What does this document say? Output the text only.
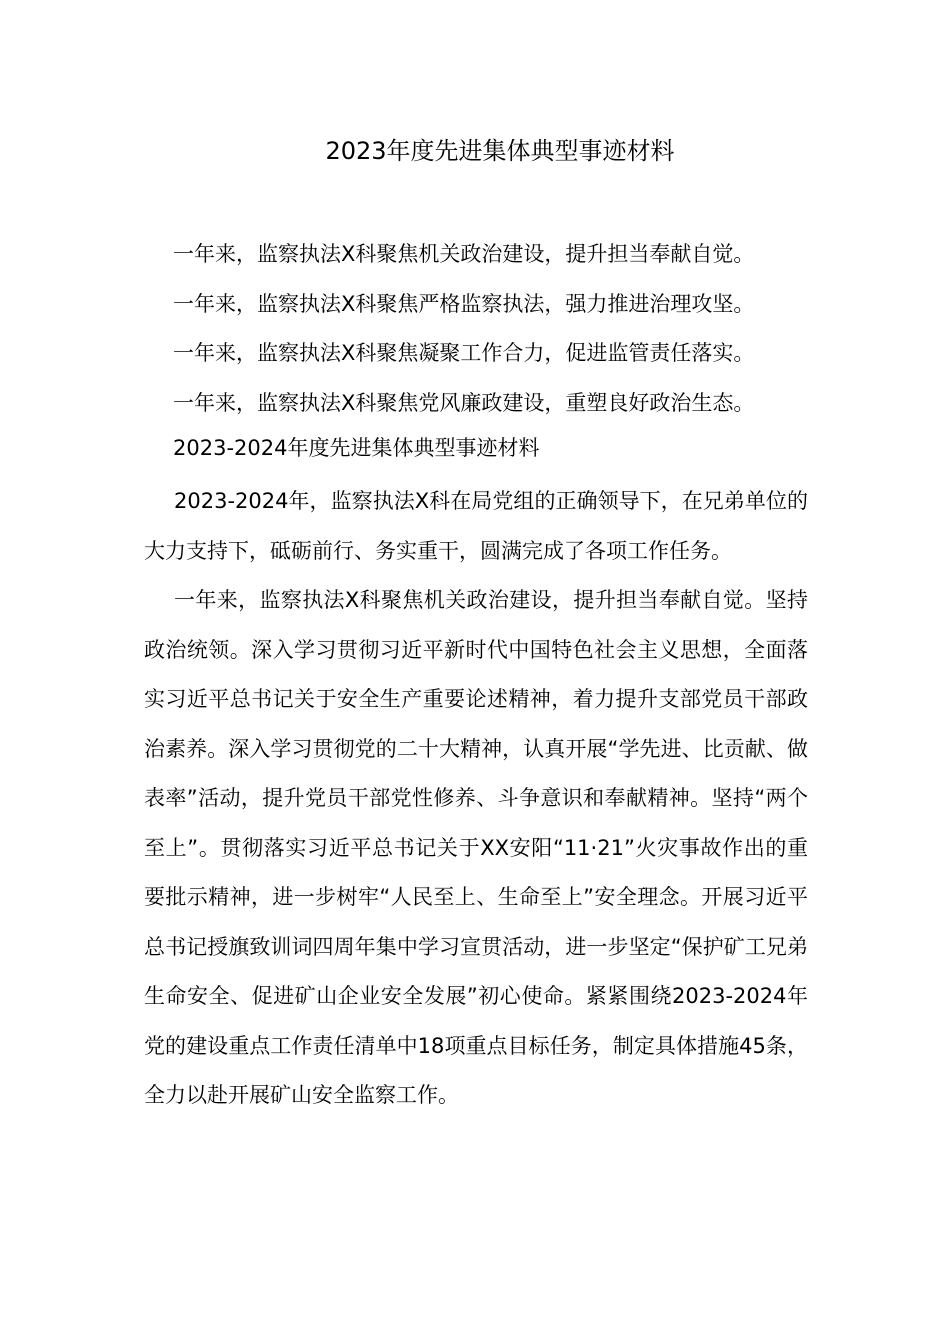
2023年度先进集体典型事迹材料

一年来，监察执法X科聚焦机关政治建设，提升担当奉献自觉。

一年来，监察执法X科聚焦严格监察执法，强力推进治理攻坚。

一年来，监察执法X科聚焦凝聚工作合力，促进监管责任落实。

一年来，监察执法X科聚焦党风廉政建设，重塑良好政治生态。

2023-2024年度先进集体典型事迹材料

2023-2024年，监察执法X科在局党组的正确领导下，在兄弟单位的大力支持下，砥砺前行、务实重干，圆满完成了各项工作任务。

一年来，监察执法X科聚焦机关政治建设，提升担当奉献自觉。坚持政治统领。深入学习贯彻习近平新时代中国特色社会主义思想，全面落实习近平总书记关于安全生产重要论述精神，着力提升支部党员干部政治素养。深入学习贯彻党的二十大精神，认真开展“学先进、比贡献、做表率”活动，提升党员干部党性修养、斗争意识和奉献精神。坚持“两个至上”。贯彻落实习近平总书记关于XX安阳“11·21”火灾事故作出的重要批示精神，进一步树牢“人民至上、生命至上”安全理念。开展习近平总书记授旗致训词四周年集中学习宣贯活动，进一步坚定“保护矿工兄弟生命安全、促进矿山企业安全发展”初心使命。紧紧围绕2023-2024年党的建设重点工作责任清单中18项重点目标任务，制定具体措施45条，全力以赴开展矿山安全监察工作。
